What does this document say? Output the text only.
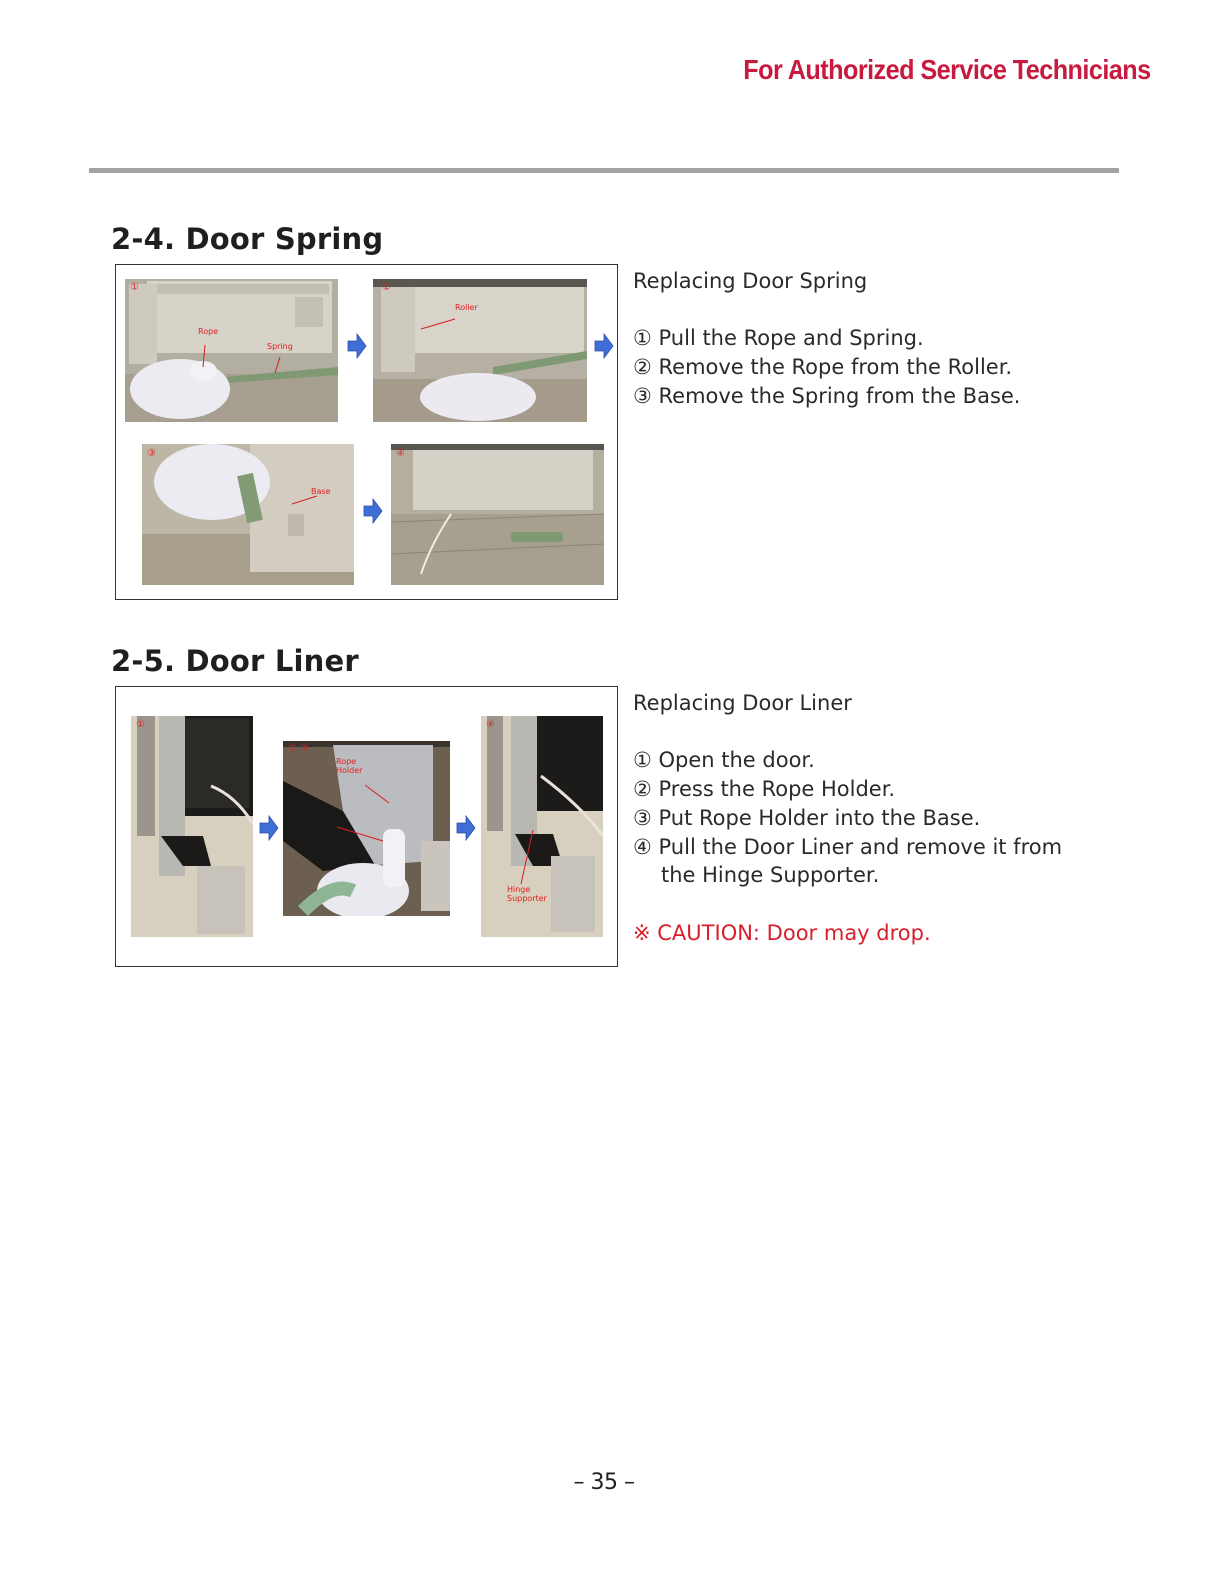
For Authorized Service Technicians
2-4. Door Spring
①
Rope
Spring
②
Roller
③
Base
④
Replacing Door Spring
① Pull the Rope and Spring.
② Remove the Rope from the Roller.
③ Remove the Spring from the Base.
2-5. Door Liner
①
② ③
Rope
Holder
④
Hinge
Supporter
Replacing Door Liner
① Open the door.
② Press the Rope Holder.
③ Put Rope Holder into the Base.
④ Pull the Door Liner and remove it from
the Hinge Supporter.
※ CAUTION: Door may drop.
– 35 –
